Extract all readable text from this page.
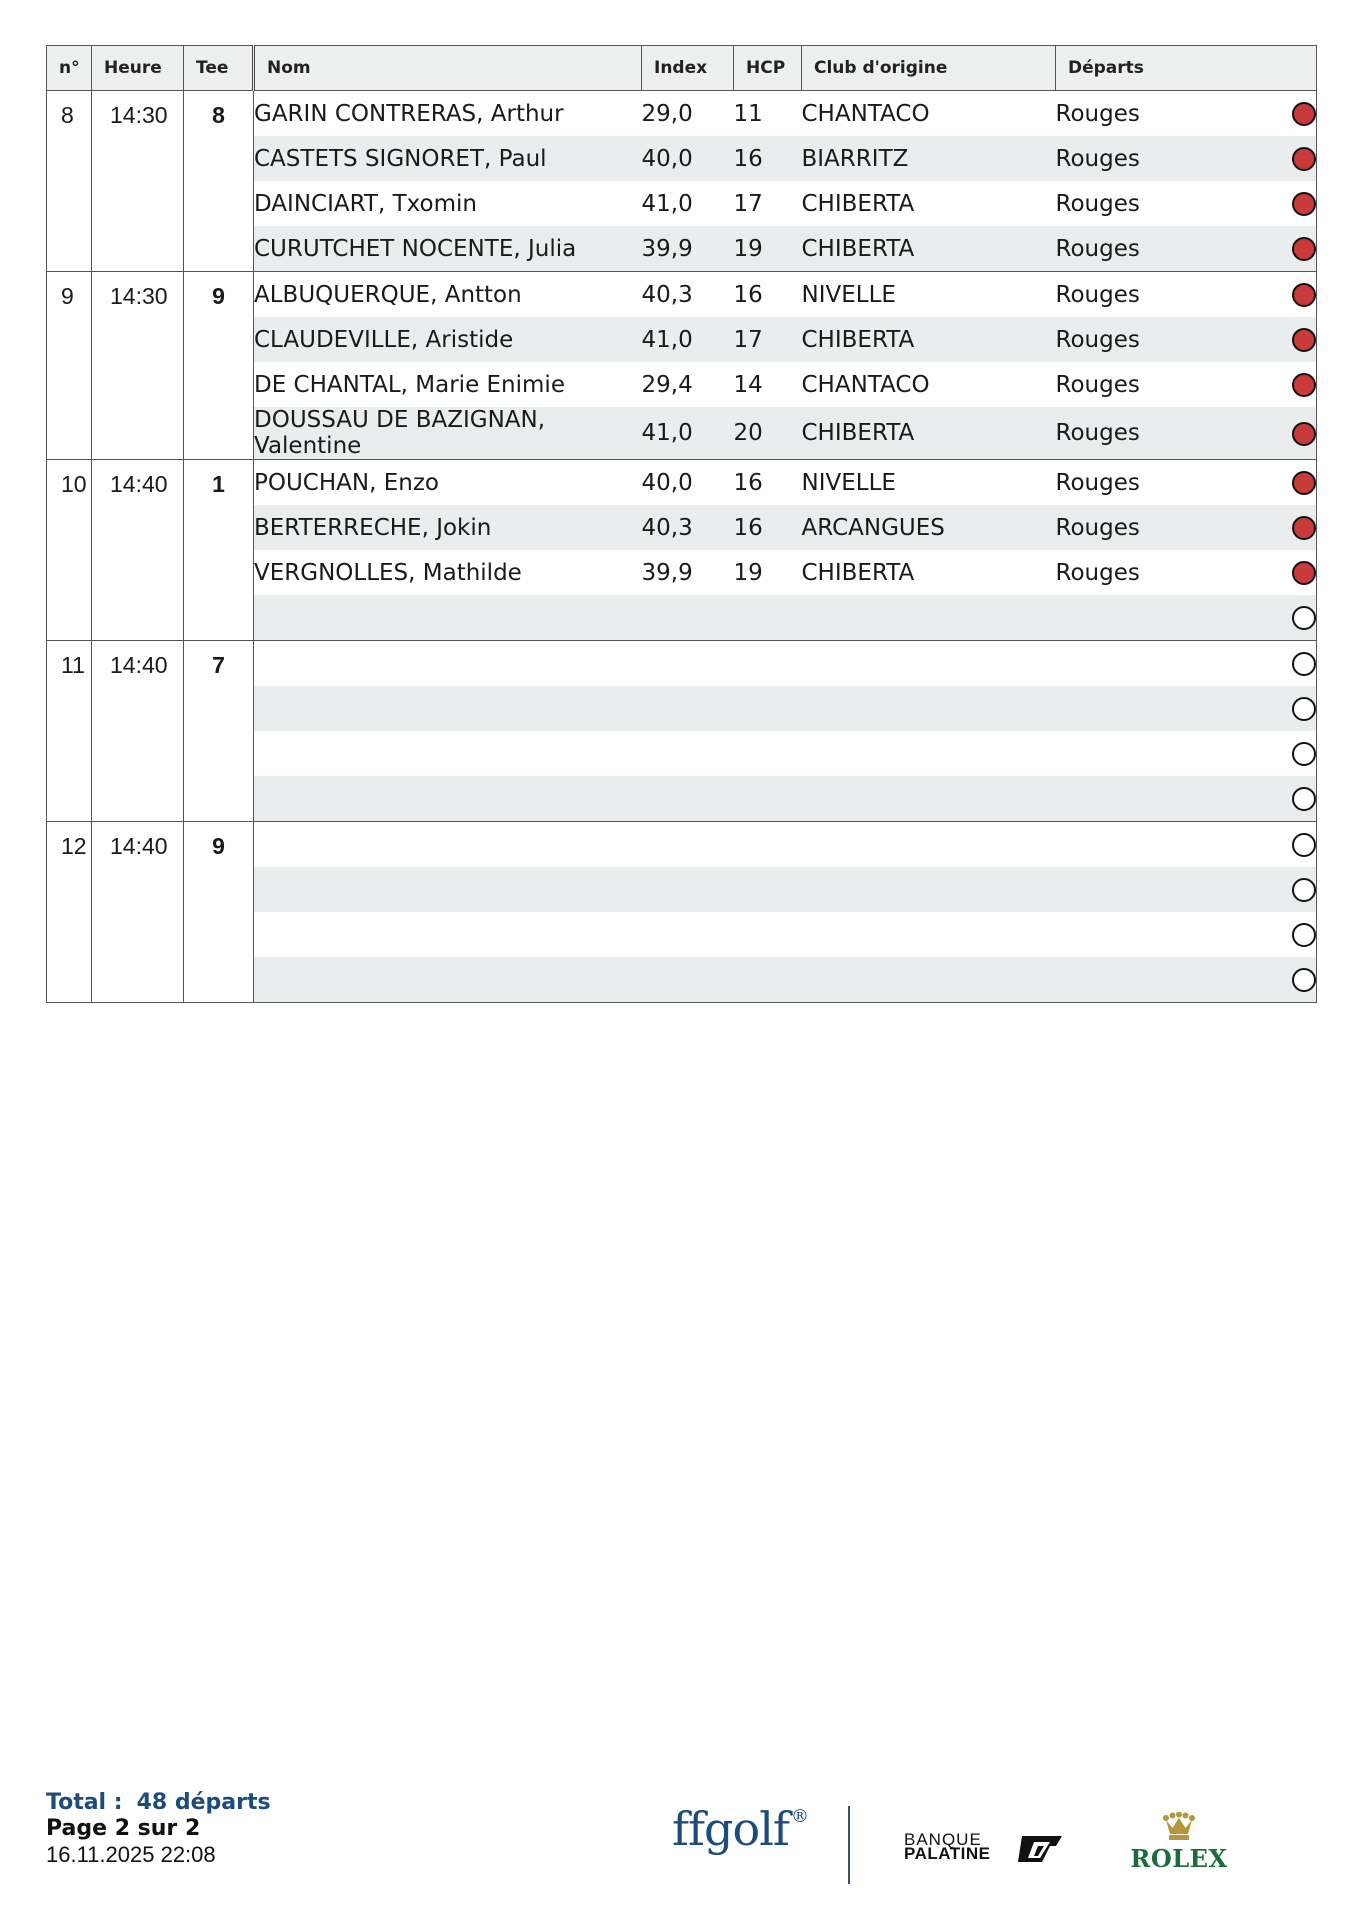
n°	Heure	Tee	Nom	Index	HCP	Club d'origine	Départs	

8	14:30	8	GARIN CONTRERAS, Arthur	29,0	11	CHANTACO	Rouges	
			CASTETS SIGNORET, Paul	40,0	16	BIARRITZ	Rouges	
			DAINCIART, Txomin	41,0	17	CHIBERTA	Rouges	
			CURUTCHET NOCENTE, Julia	39,9	19	CHIBERTA	Rouges	

9	14:30	9	ALBUQUERQUE, Antton	40,3	16	NIVELLE	Rouges	
			CLAUDEVILLE, Aristide	41,0	17	CHIBERTA	Rouges	
			DE CHANTAL, Marie Enimie	29,4	14	CHANTACO	Rouges	
			DOUSSAU DE BAZIGNAN, Valentine	41,0	20	CHIBERTA	Rouges	

10	14:40	1	POUCHAN, Enzo	40,0	16	NIVELLE	Rouges	
			BERTERRECHE, Jokin	40,3	16	ARCANGUES	Rouges	
			VERGNOLLES, Mathilde	39,9	19	CHIBERTA	Rouges	

11	14:40	7						

12	14:40	9						

Total : 48 départs
Page 2 sur 2
16.11.2025 22:08	ffgolf ®
BANQUE
PALATINE	ROLEX
